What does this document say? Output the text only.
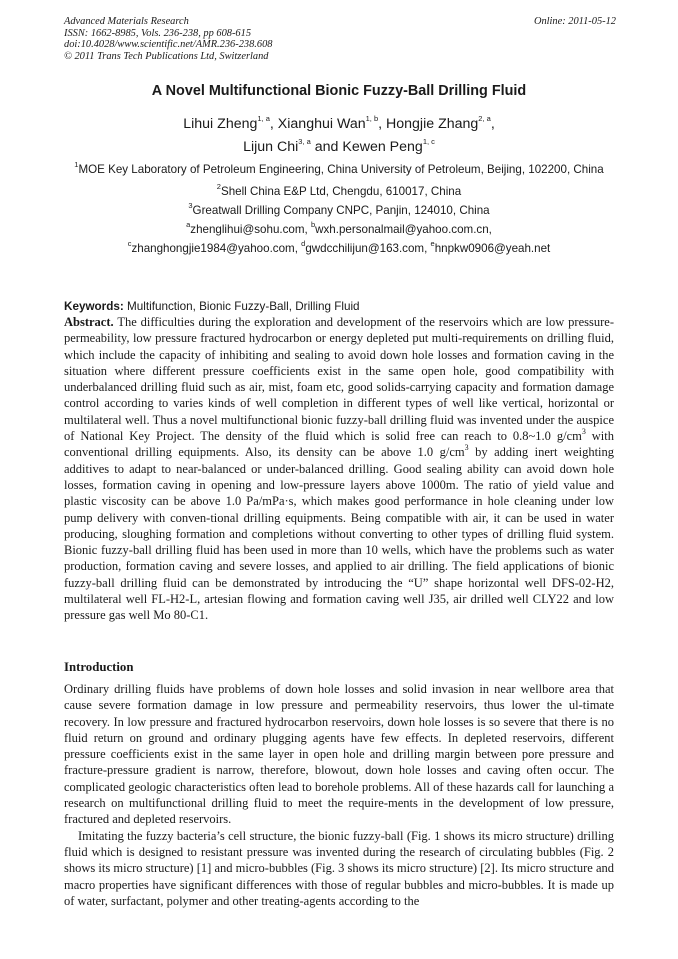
Advanced Materials Research
ISSN: 1662-8985, Vols. 236-238, pp 608-615
doi:10.4028/www.scientific.net/AMR.236-238.608
© 2011 Trans Tech Publications Ltd, Switzerland
Online: 2011-05-12
A Novel Multifunctional Bionic Fuzzy-Ball Drilling Fluid
Lihui Zheng$^{1, a}$, Xianghui Wan$^{1, b}$, Hongjie Zhang$^{2, a}$,
Lijun Chi$^{3, a}$ and Kewen Peng$^{1, c}$
$^1$MOE Key Laboratory of Petroleum Engineering, China University of Petroleum, Beijing, 102200, China
$^2$Shell China E&P Ltd, Chengdu, 610017, China
$^3$Greatwall Drilling Company CNPC, Panjin, 124010, China
$^a$zhenglihui@sohu.com, $^b$wxh.personalmail@yahoo.com.cn,
$^c$zhanghongjie1984@yahoo.com, $^d$gwdcchilijun@163.com, $^e$hnpkw0906@yeah.net
Keywords: Multifunction, Bionic Fuzzy-Ball, Drilling Fluid
Abstract. The difficulties during the exploration and development of the reservoirs which are low pressure-permeability, low pressure fractured hydrocarbon or energy depleted put multi-requirements on drilling fluid, which include the capacity of inhibiting and sealing to avoid down hole losses and formation caving in the situation where different pressure coefficients exist in the same open hole, good compatibility with underbalanced drilling fluid such as air, mist, foam etc, good solids-carrying capacity and formation damage control according to varies kinds of well completion in different types of well like vertical, horizontal or multilateral well. Thus a novel multifunctional bionic fuzzy-ball drilling fluid was invented under the auspice of National Key Project. The density of the fluid which is solid free can reach to 0.8~1.0 $g/cm^3$ with conventional drilling equipments. Also, its density can be above 1.0 $g/cm^3$ by adding inert weighting additives to adapt to near-balanced or under-balanced drilling. Good sealing ability can avoid down hole losses, formation caving in opening and low-pressure layers above 1000m. The ratio of yield value and plastic viscosity can be above 1.0 Pa/mPa·s, which makes good performance in hole cleaning under low pump delivery with conven-tional drilling equipments. Being compatible with air, it can be used in water producing, sloughing formation and completions without converting to other types of drilling fluid system. Bionic fuzzy-ball drilling fluid has been used in more than 10 wells, which have the problems such as water production, formation caving and severe losses, and applied to air drilling. The field applications of bionic fuzzy-ball drilling fluid can be demonstrated by introducing the “U” shape horizontal well DFS-02-H2, multilateral well FL-H2-L, artesian flowing and formation caving well J35, air drilled well CLY22 and low pressure gas well Mo 80-C1.
Introduction

Ordinary drilling fluids have problems of down hole losses and solid invasion in near wellbore area that cause severe formation damage in low pressure and permeability reservoirs, thus lower the ul-timate recovery. In low pressure and fractured hydrocarbon reservoirs, down hole losses is so severe that there is no fluid return on ground and ordinary plugging agents have few effects. In depleted reservoirs, different pressure coefficients exist in the same layer in open hole and drilling margin between pore pressure and fracture-pressure gradient is narrow, therefore, blowout, down hole losses and caving often occur. The complicated geologic characteristics often lead to borehole problems. All of these hazards call for launching a research on multifunctional drilling fluid to meet the require-ments in the development of low pressure, fractured and depleted reservoirs.

Imitating the fuzzy bacteria’s cell structure, the bionic fuzzy-ball (Fig. 1 shows its micro structure) drilling fluid which is designed to resistant pressure was invented during the research of circulating bubbles (Fig. 2 shows its micro structure) [1] and micro-bubbles (Fig. 3 shows its micro structure) [2]. Its micro structure and macro properties have significant differences with those of regular bubbles and micro-bubbles. It is made up of water, surfactant, polymer and other treating-agents according to the
